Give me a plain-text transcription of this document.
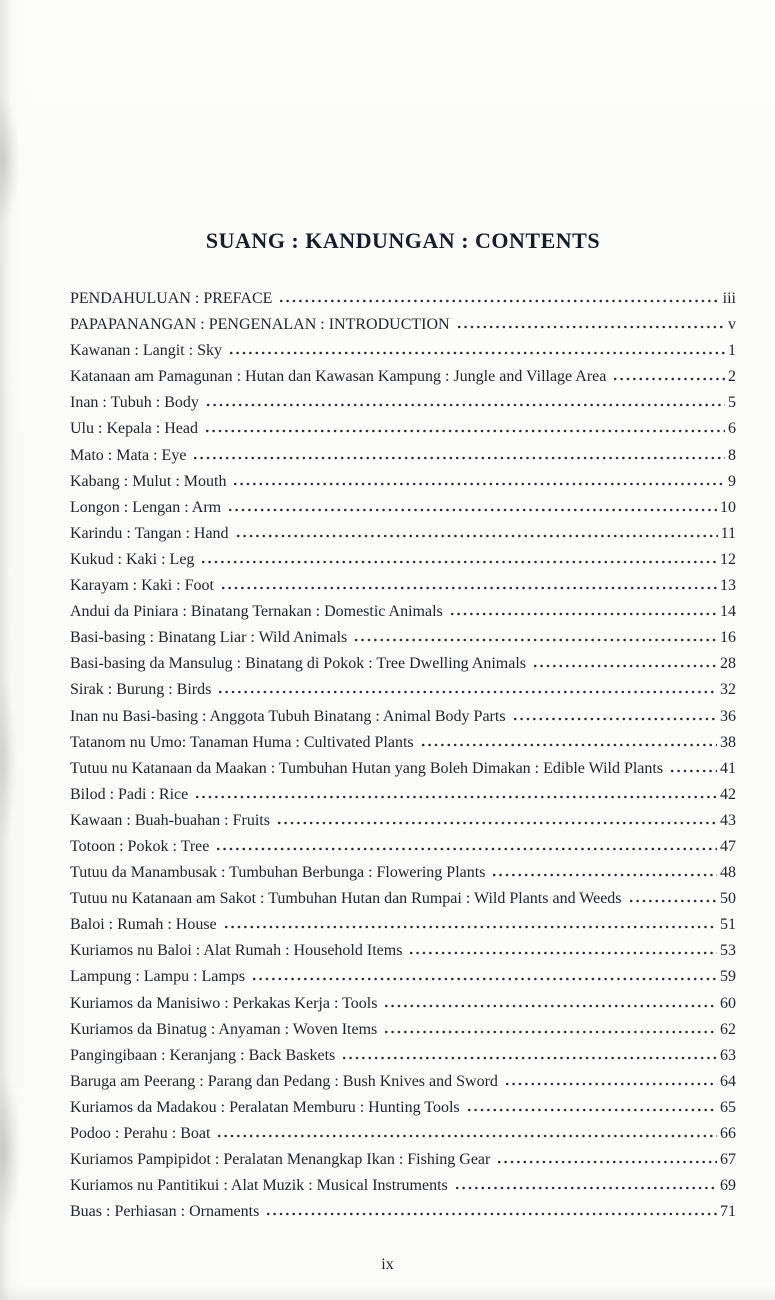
SUANG : KANDUNGAN : CONTENTS
PENDAHULUAN : PREFACE	iii
PAPAPANANGAN : PENGENALAN : INTRODUCTION	v
Kawanan : Langit : Sky	1
Katanaan am Pamagunan : Hutan dan Kawasan Kampung : Jungle and Village Area	2
Inan : Tubuh : Body	5
Ulu : Kepala : Head	6
Mato : Mata : Eye	8
Kabang : Mulut : Mouth	9
Longon : Lengan : Arm	10
Karindu : Tangan : Hand	11
Kukud : Kaki : Leg	12
Karayam : Kaki : Foot	13
Andui da Piniara : Binatang Ternakan : Domestic Animals	14
Basi-basing : Binatang Liar : Wild Animals	16
Basi-basing da Mansulug : Binatang di Pokok : Tree Dwelling Animals	28
Sirak : Burung : Birds	32
Inan nu Basi-basing : Anggota Tubuh Binatang : Animal Body Parts	36
Tatanom nu Umo: Tanaman Huma : Cultivated Plants	38
Tutuu nu Katanaan da Maakan : Tumbuhan Hutan yang Boleh Dimakan : Edible Wild Plants	41
Bilod : Padi : Rice	42
Kawaan : Buah-buahan : Fruits	43
Totoon : Pokok : Tree	47
Tutuu da Manambusak : Tumbuhan Berbunga : Flowering Plants	48
Tutuu nu Katanaan am Sakot : Tumbuhan Hutan dan Rumpai : Wild Plants and Weeds	50
Baloi : Rumah : House	51
Kuriamos nu Baloi : Alat Rumah : Household Items	53
Lampung : Lampu : Lamps	59
Kuriamos da Manisiwo : Perkakas Kerja : Tools	60
Kuriamos da Binatug : Anyaman : Woven Items	62
Pangingibaan : Keranjang : Back Baskets	63
Baruga am Peerang : Parang dan Pedang : Bush Knives and Sword	64
Kuriamos da Madakou : Peralatan Memburu : Hunting Tools	65
Podoo : Perahu : Boat	66
Kuriamos Pampipidot : Peralatan Menangkap Ikan : Fishing Gear	67
Kuriamos nu Pantitikui : Alat Muzik : Musical Instruments	69
Buas : Perhiasan : Ornaments	71
ix
